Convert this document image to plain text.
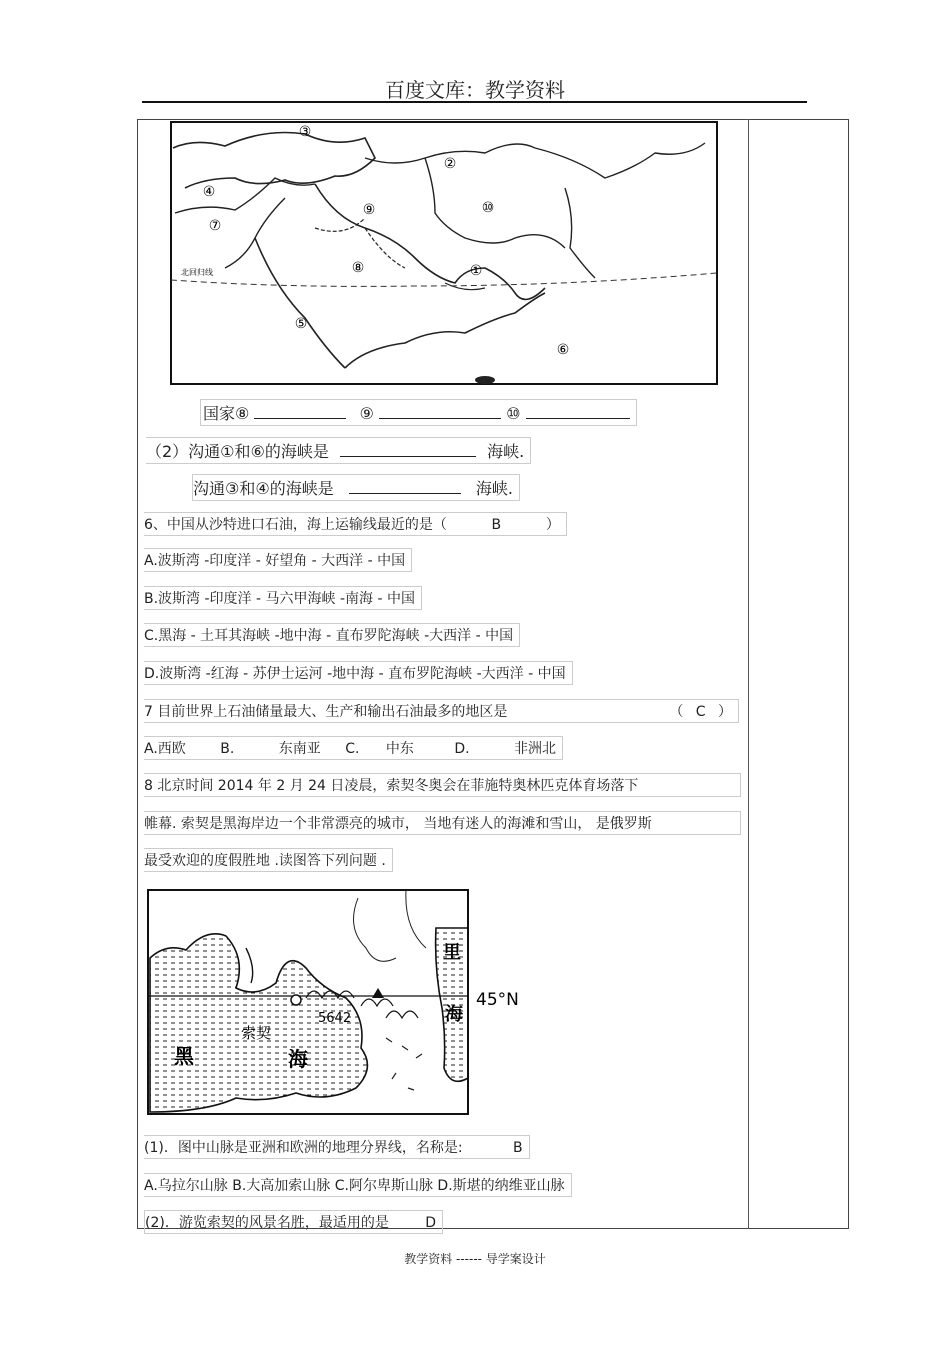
百度文库：教学资料
③
②
④
⑨	⑩
⑦
⑧	①
北回归线
⑤
⑥
国家⑧	⑨	⑩
（2）沟通①和⑥的海峡是	海峡.
沟通③和④的海峡是	海峡.
6、中国从沙特进口石油，海上运输线最近的是（	B	）
A.波斯湾 -印度洋 - 好望角 - 大西洋 - 中国
B.波斯湾 -印度洋 - 马六甲海峡 -南海 - 中国
C.黑海 - 土耳其海峡 -地中海 - 直布罗陀海峡 -大西洋 - 中国
D.波斯湾 -红海 - 苏伊士运河 -地中海 - 直布罗陀海峡 -大西洋 - 中国
7 目前世界上石油储量最大、生产和输出石油最多的地区是	（ C ）
A.西欧 B.	东南亚 C. 中东	D.	非洲北
8 北京时间 2014 年 2 月 24 日凌晨，索契冬奥会在菲施特奥林匹克体育场落下
帷幕. 索契是黑海岸边一个非常漂亮的城市， 当地有迷人的海滩和雪山， 是俄罗斯
最受欢迎的度假胜地 .读图答下列问题 .
里
海
45°N
5642
索契
黑	海
(1)．图中山脉是亚洲和欧洲的地理分界线，名称是:	B
A.乌拉尔山脉 B.大高加索山脉 C.阿尔卑斯山脉 D.斯堪的纳维亚山脉
(2)．游览索契的风景名胜，最适用的是	D
教学资料 ------ 导学案设计
